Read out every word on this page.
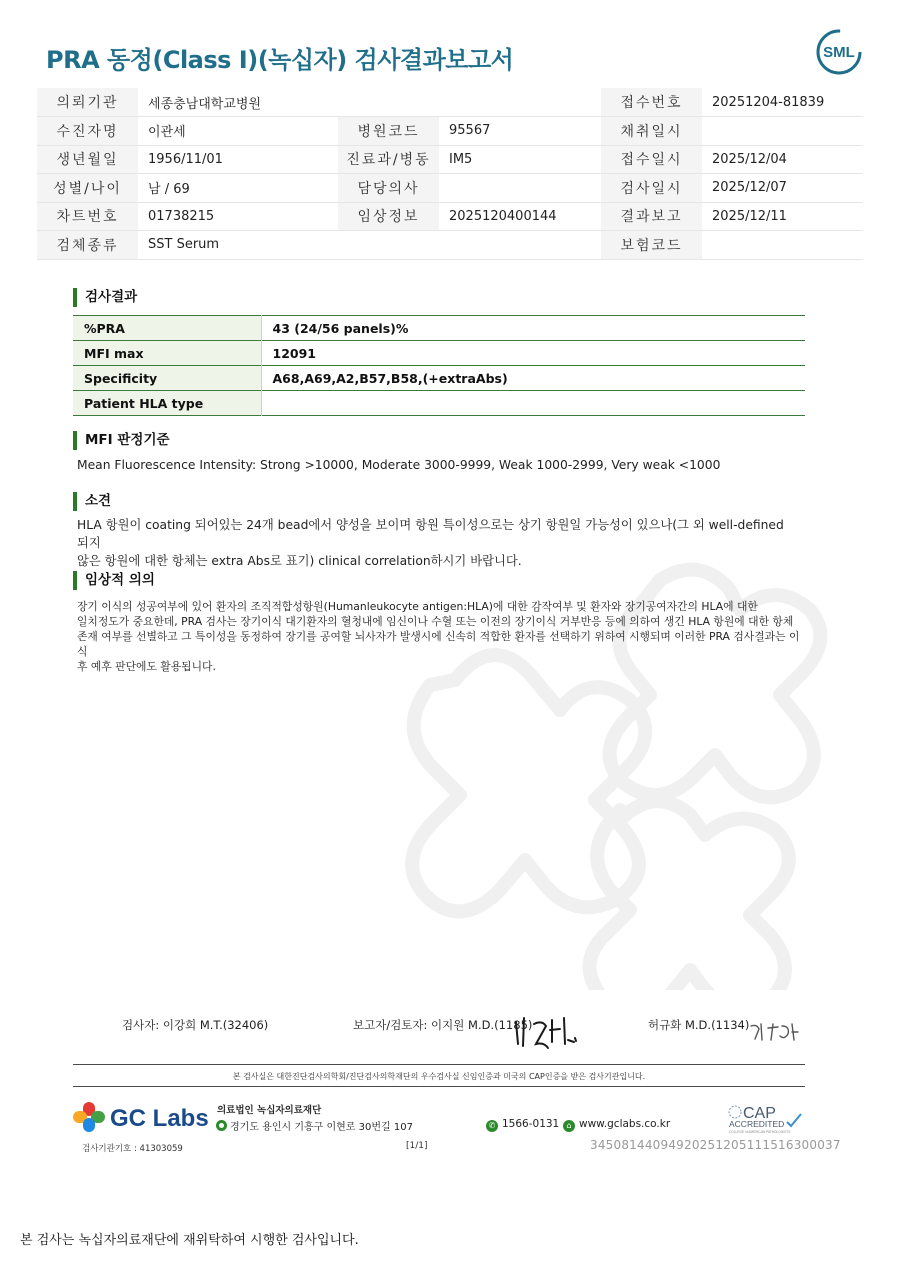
PRA 동정(Class I)(녹십자) 검사결과보고서	SML
의뢰기관	세종충남대학교병원			접수번호	20251204-81839
수진자명	이관세	병원코드	95567	채취일시	
생년월일	1956/11/01	진료과/병동	IM5	접수일시	2025/12/04
성별/나이	남 / 69	담당의사		검사일시	2025/12/07
차트번호	01738215	임상정보	2025120400144	결과보고	2025/12/11
검체종류	SST Serum			보험코드	
검사결과
%PRA	43 (24/56 panels)%
MFI max	12091
Specificity	A68,A69,A2,B57,B58,(+extraAbs)
Patient HLA type	
MFI 판정기준
Mean Fluorescence Intensity: Strong >10000, Moderate 3000-9999, Weak 1000-2999, Very weak <1000
소견
HLA 항원이 coating 되어있는 24개 bead에서 양성을 보이며 항원 특이성으로는 상기 항원일 가능성이 있으나(그 외 well-defined 되지
않은 항원에 대한 항체는 extra Abs로 표기) clinical correlation하시기 바랍니다.
임상적 의의
장기 이식의 성공여부에 있어 환자의 조직적합성항원(Humanleukocyte antigen:HLA)에 대한 감작여부 및 환자와 장기공여자간의 HLA에 대한
일치정도가 중요한데, PRA 검사는 장기이식 대기환자의 혈청내에 임신이나 수혈 또는 이전의 장기이식 거부반응 등에 의하여 생긴 HLA 항원에 대한 항체
존재 여부를 선별하고 그 특이성을 동정하여 장기를 공여할 뇌사자가 발생시에 신속히 적합한 환자를 선택하기 위하여 시행되며 이러한 PRA 검사결과는 이식
후 예후 판단에도 활용됩니다.
검사자: 이강희 M.T.(32406)	보고자/검토자: 이지원 M.D.(1185)	허규화 M.D.(1134)
본 검사실은 대한진단검사의학회/진단검사의학재단의 우수검사실 신임인증과 미국의 CAP인증을 받은 검사기관입니다.
GC Labs 의료법인 녹십자의료재단
경기도 용인시 기흥구 이현로 30번길 107	✆ 1566-0131 ⌂ www.gclabs.co.kr
CAP
ACCREDITED
COLLEGE of AMERICAN PATHOLOGISTS
검사기관기호 : 41303059	[1/1]	34508144094920251205111516300037
본 검사는 녹십자의료재단에 재위탁하여 시행한 검사입니다.
